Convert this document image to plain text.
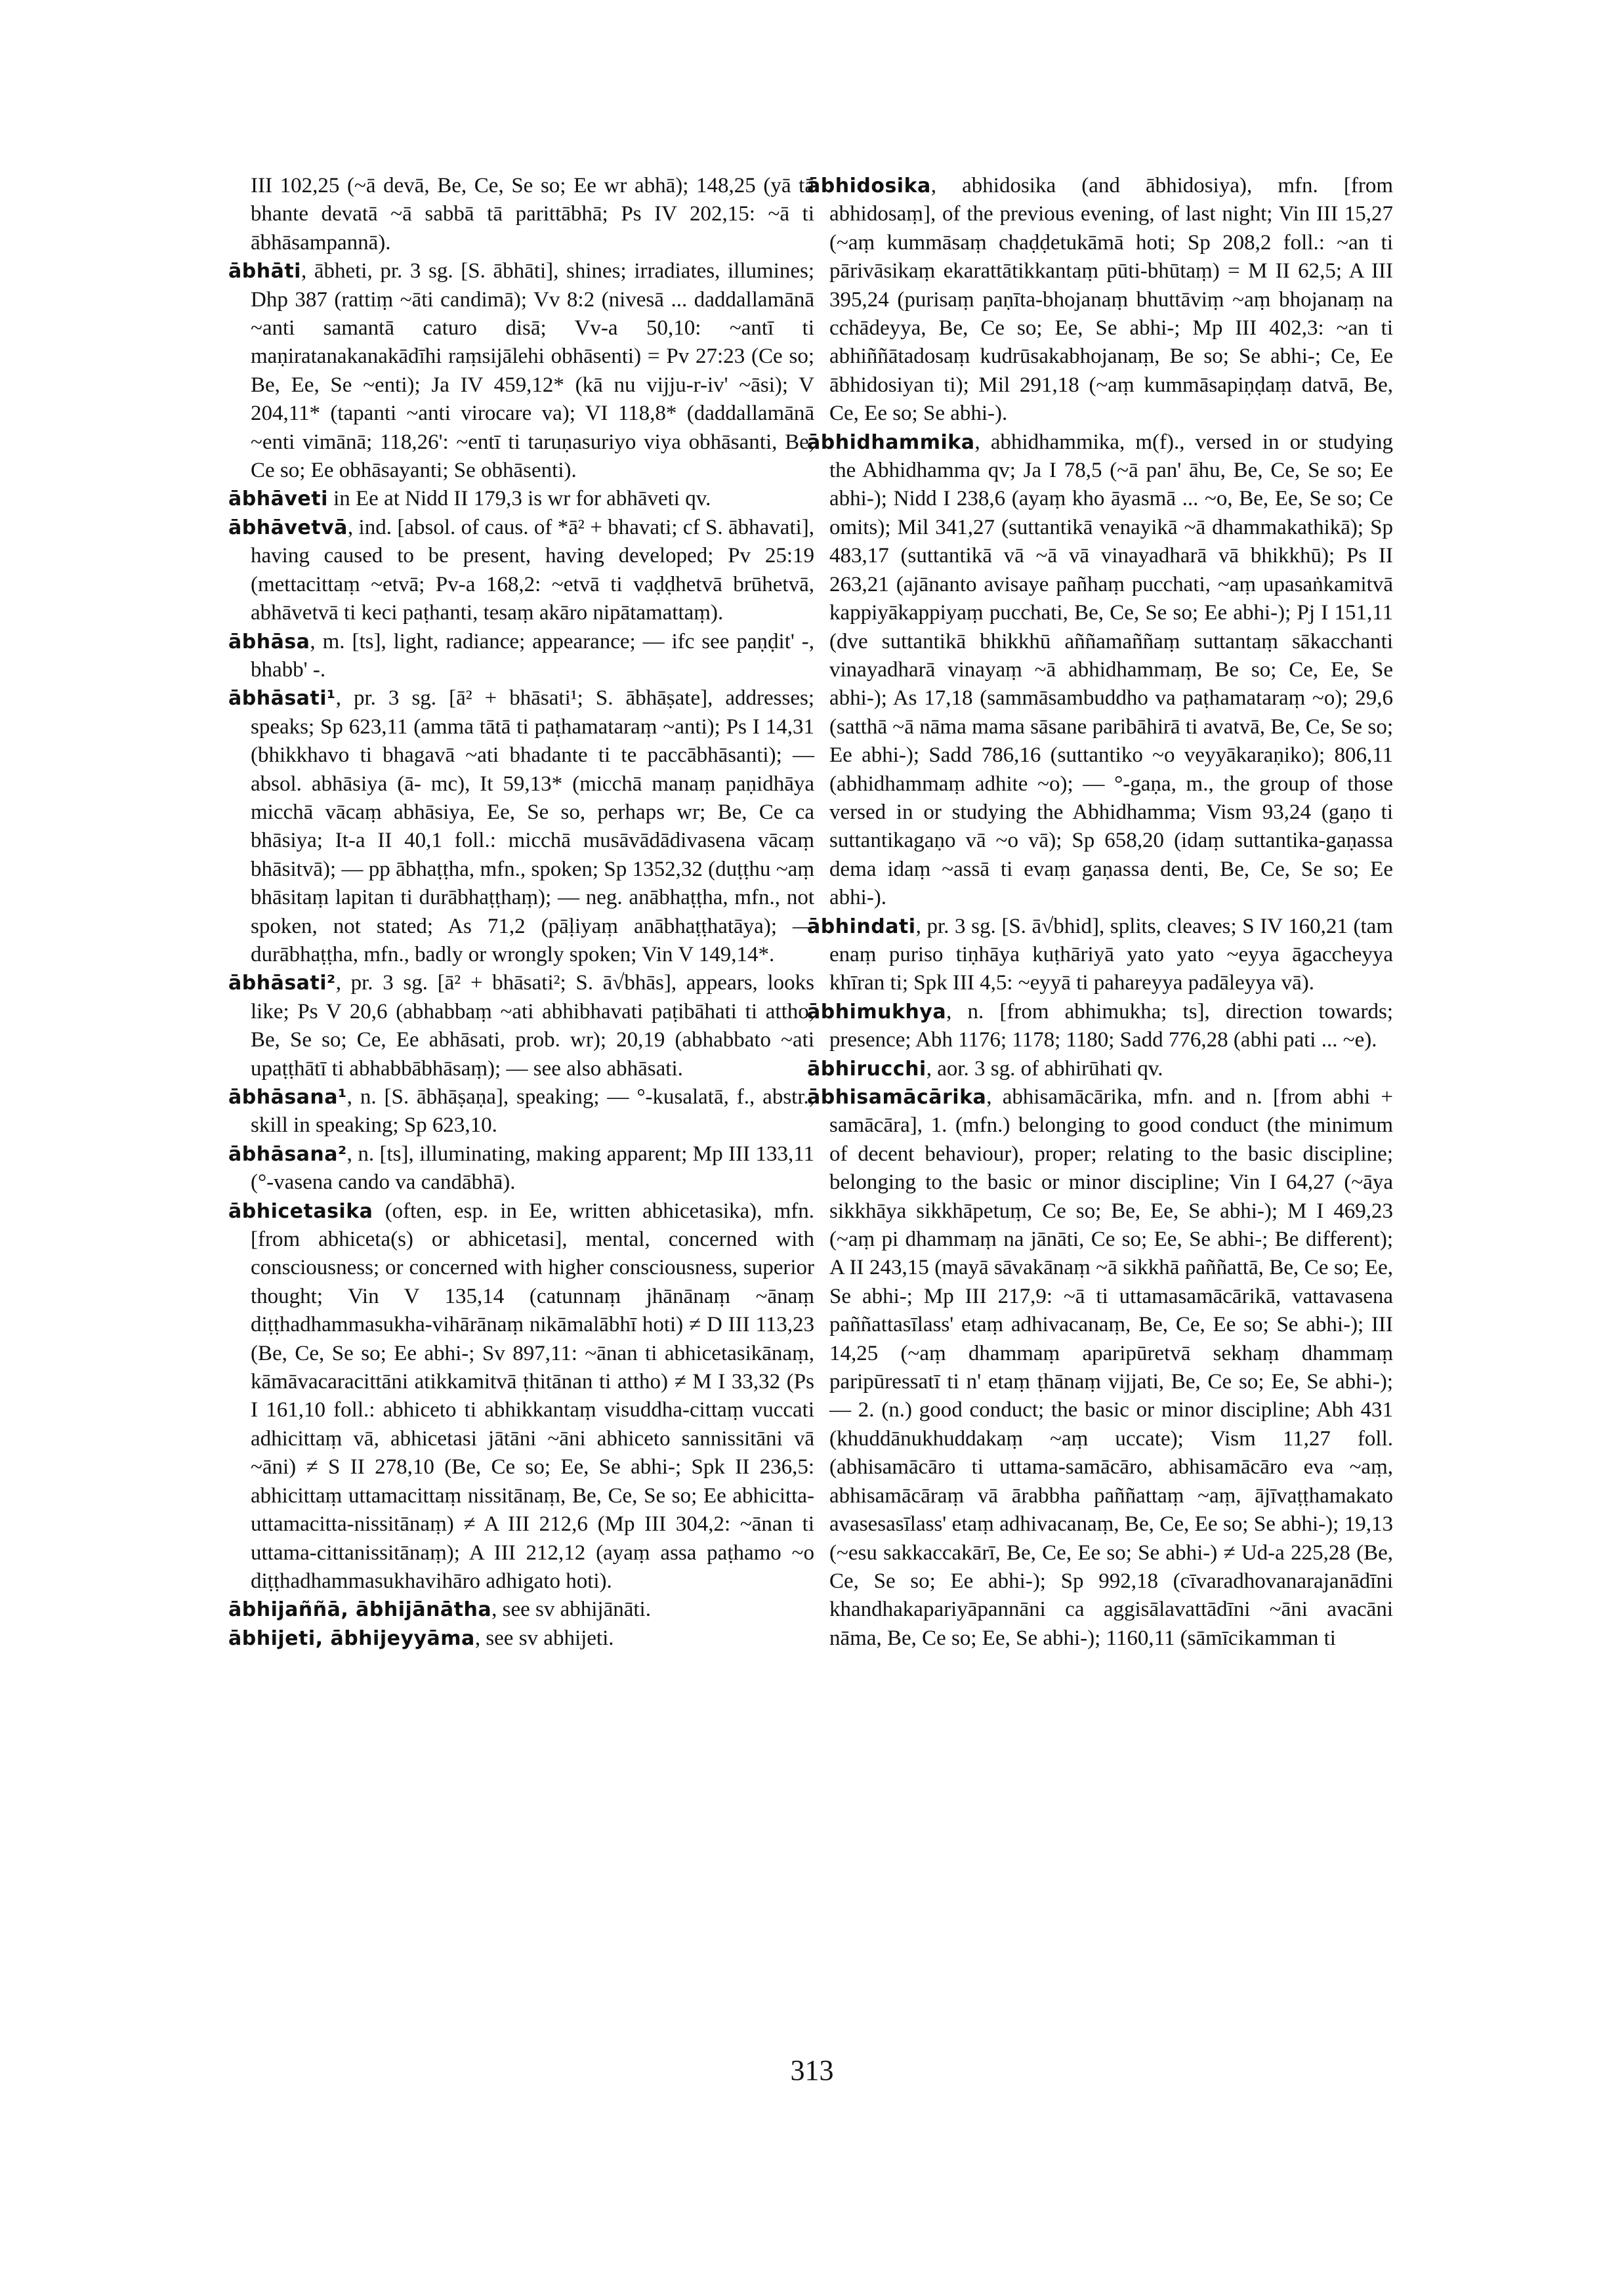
III 102,25 (~ā devā, Be, Ce, Se so; Ee wr abhā); 148,25 (yā tā bhante devatā ~ā sabbā tā parittābhā; Ps IV 202,15: ~ā ti ābhāsampannā).

ābhāti, ābheti, pr. 3 sg. [S. ābhāti], shines; irradiates, illumines; Dhp 387 (rattiṃ ~āti candimā); Vv 8:2 (nivesā ... daddallamānā ~anti samantā caturo disā; Vv-a 50,10: ~antī ti maṇiratanakanakādīhi raṃsijālehi obhāsenti) = Pv 27:23 (Ce so; Be, Ee, Se ~enti); Ja IV 459,12* (kā nu vijju-r-iv' ~āsi); V 204,11* (tapanti ~anti virocare va); VI 118,8* (daddallamānā ~enti vimānā; 118,26': ~entī ti taruṇasuriyo viya obhāsanti, Be, Ce so; Ee obhāsayanti; Se obhāsenti).

ābhāveti in Ee at Nidd II 179,3 is wr for abhāveti qv.

ābhāvetvā, ind. [absol. of caus. of *ā² + bhavati; cf S. ābhavati], having caused to be present, having developed; Pv 25:19 (mettacittaṃ ~etvā; Pv-a 168,2: ~etvā ti vaḍḍhetvā brūhetvā, abhāvetvā ti keci paṭhanti, tesaṃ akāro nipātamattaṃ).

ābhāsa, m. [ts], light, radiance; appearance; — ifc see paṇḍit' -, bhabb' -.

ābhāsati¹, pr. 3 sg. [ā² + bhāsati¹; S. ābhāṣate], addresses; speaks; Sp 623,11 (amma tātā ti paṭhamataraṃ ~anti); Ps I 14,31 (bhikkhavo ti bhagavā ~ati bhadante ti te paccābhāsanti); — absol. abhāsiya (ā- mc), It 59,13* (micchā manaṃ paṇidhāya micchā vācaṃ abhāsiya, Ee, Se so, perhaps wr; Be, Ce ca bhāsiya; It-a II 40,1 foll.: micchā musāvādādivasena vācaṃ bhāsitvā); — pp ābhaṭṭha, mfn., spoken; Sp 1352,32 (duṭṭhu ~aṃ bhāsitaṃ lapitan ti durābhaṭṭhaṃ); — neg. anābhaṭṭha, mfn., not spoken, not stated; As 71,2 (pāḷiyaṃ anābhaṭṭhatāya); — durābhaṭṭha, mfn., badly or wrongly spoken; Vin V 149,14*.

ābhāsati², pr. 3 sg. [ā² + bhāsati²; S. ā√bhās], appears, looks like; Ps V 20,6 (abhabbaṃ ~ati abhibhavati paṭibāhati ti attho, Be, Se so; Ce, Ee abhāsati, prob. wr); 20,19 (abhabbato ~ati upaṭṭhātī ti abhabbābhāsaṃ); — see also abhāsati.

ābhāsana¹, n. [S. ābhāṣaṇa], speaking; — °-kusalatā, f., abstr., skill in speaking; Sp 623,10.

ābhāsana², n. [ts], illuminating, making apparent; Mp III 133,11 (°-vasena cando va candābhā).

ābhicetasika (often, esp. in Ee, written abhicetasika), mfn. [from abhiceta(s) or abhicetasi], mental, concerned with consciousness; or concerned with higher consciousness, superior thought; Vin V 135,14 (catunnaṃ jhānānaṃ ~ānaṃ diṭṭhadhammasukha-vihārānaṃ nikāmalābhī hoti) ≠ D III 113,23 (Be, Ce, Se so; Ee abhi-; Sv 897,11: ~ānan ti abhicetasikānaṃ, kāmāvacaracittāni atikkamitvā ṭhitānan ti attho) ≠ M I 33,32 (Ps I 161,10 foll.: abhiceto ti abhikkantaṃ visuddha-cittaṃ vuccati adhicittaṃ vā, abhicetasi jātāni ~āni abhiceto sannissitāni vā ~āni) ≠ S II 278,10 (Be, Ce so; Ee, Se abhi-; Spk II 236,5: abhicittaṃ uttamacittaṃ nissitānaṃ, Be, Ce, Se so; Ee abhicitta-uttamacitta-nissitānaṃ) ≠ A III 212,6 (Mp III 304,2: ~ānan ti uttama-cittanissitānaṃ); A III 212,12 (ayaṃ assa paṭhamo ~o diṭṭhadhammasukhavihāro adhigato hoti).

ābhijaññā, ābhijānātha, see sv abhijānāti.

ābhijeti, ābhijeyyāma, see sv abhijeti.

ābhidosika, abhidosika (and ābhidosiya), mfn. [from abhidosaṃ], of the previous evening, of last night; Vin III 15,27 (~aṃ kummāsaṃ chaḍḍetukāmā hoti; Sp 208,2 foll.: ~an ti pārivāsikaṃ ekarattātikkantaṃ pūti-bhūtaṃ) = M II 62,5; A III 395,24 (purisaṃ paṇīta-bhojanaṃ bhuttāviṃ ~aṃ bhojanaṃ na cchādeyya, Be, Ce so; Ee, Se abhi-; Mp III 402,3: ~an ti abhiññātadosaṃ kudrūsakabhojanaṃ, Be so; Se abhi-; Ce, Ee ābhidosiyan ti); Mil 291,18 (~aṃ kummāsapiṇḍaṃ datvā, Be, Ce, Ee so; Se abhi-).

ābhidhammika, abhidhammika, m(f)., versed in or studying the Abhidhamma qv; Ja I 78,5 (~ā pan' āhu, Be, Ce, Se so; Ee abhi-); Nidd I 238,6 (ayaṃ kho āyasmā ... ~o, Be, Ee, Se so; Ce omits); Mil 341,27 (suttantikā venayikā ~ā dhammakathikā); Sp 483,17 (suttantikā vā ~ā vā vinayadharā vā bhikkhū); Ps II 263,21 (ajānanto avisaye pañhaṃ pucchati, ~aṃ upasaṅkamitvā kappiyākappiyaṃ pucchati, Be, Ce, Se so; Ee abhi-); Pj I 151,11 (dve suttantikā bhikkhū aññamaññaṃ suttantaṃ sākacchanti vinayadharā vinayaṃ ~ā abhidhammaṃ, Be so; Ce, Ee, Se abhi-); As 17,18 (sammāsambuddho va paṭhamataraṃ ~o); 29,6 (satthā ~ā nāma mama sāsane paribāhirā ti avatvā, Be, Ce, Se so; Ee abhi-); Sadd 786,16 (suttantiko ~o veyyākaraṇiko); 806,11 (abhidhammaṃ adhite ~o); — °-gaṇa, m., the group of those versed in or studying the Abhidhamma; Vism 93,24 (gaṇo ti suttantikagaṇo vā ~o vā); Sp 658,20 (idaṃ suttantika-gaṇassa dema idaṃ ~assā ti evaṃ gaṇassa denti, Be, Ce, Se so; Ee abhi-).

ābhindati, pr. 3 sg. [S. ā√bhid], splits, cleaves; S IV 160,21 (tam enaṃ puriso tiṇhāya kuṭhāriyā yato yato ~eyya āgaccheyya khīran ti; Spk III 4,5: ~eyyā ti pahareyya padāleyya vā).

ābhimukhya, n. [from abhimukha; ts], direction towards; presence; Abh 1176; 1178; 1180; Sadd 776,28 (abhi pati ... ~e).

ābhirucchi, aor. 3 sg. of abhirūhati qv.

ābhisamācārika, abhisamācārika, mfn. and n. [from abhi + samācāra], 1. (mfn.) belonging to good conduct (the minimum of decent behaviour), proper; relating to the basic discipline; belonging to the basic or minor discipline; Vin I 64,27 (~āya sikkhāya sikkhāpetuṃ, Ce so; Be, Ee, Se abhi-); M I 469,23 (~aṃ pi dhammaṃ na jānāti, Ce so; Ee, Se abhi-; Be different); A II 243,15 (mayā sāvakānaṃ ~ā sikkhā paññattā, Be, Ce so; Ee, Se abhi-; Mp III 217,9: ~ā ti uttamasamācārikā, vattavasena paññattasīlass' etaṃ adhivacanaṃ, Be, Ce, Ee so; Se abhi-); III 14,25 (~aṃ dhammaṃ aparipūretvā sekhaṃ dhammaṃ paripūressatī ti n' etaṃ ṭhānaṃ vijjati, Be, Ce so; Ee, Se abhi-); — 2. (n.) good conduct; the basic or minor discipline; Abh 431 (khuddānukhuddakaṃ ~aṃ uccate); Vism 11,27 foll. (abhisamācāro ti uttama-samācāro, abhisamācāro eva ~aṃ, abhisamācāraṃ vā ārabbha paññattaṃ ~aṃ, ājīvaṭṭhamakato avasesasīlass' etaṃ adhivacanaṃ, Be, Ce, Ee so; Se abhi-); 19,13 (~esu sakkaccakārī, Be, Ce, Ee so; Se abhi-) ≠ Ud-a 225,28 (Be, Ce, Se so; Ee abhi-); Sp 992,18 (cīvaradhovanarajanādīni khandhakapariyāpannāni ca aggisālavattādīni ~āni avacāni nāma, Be, Ce so; Ee, Se abhi-); 1160,11 (sāmīcikamman ti

313
